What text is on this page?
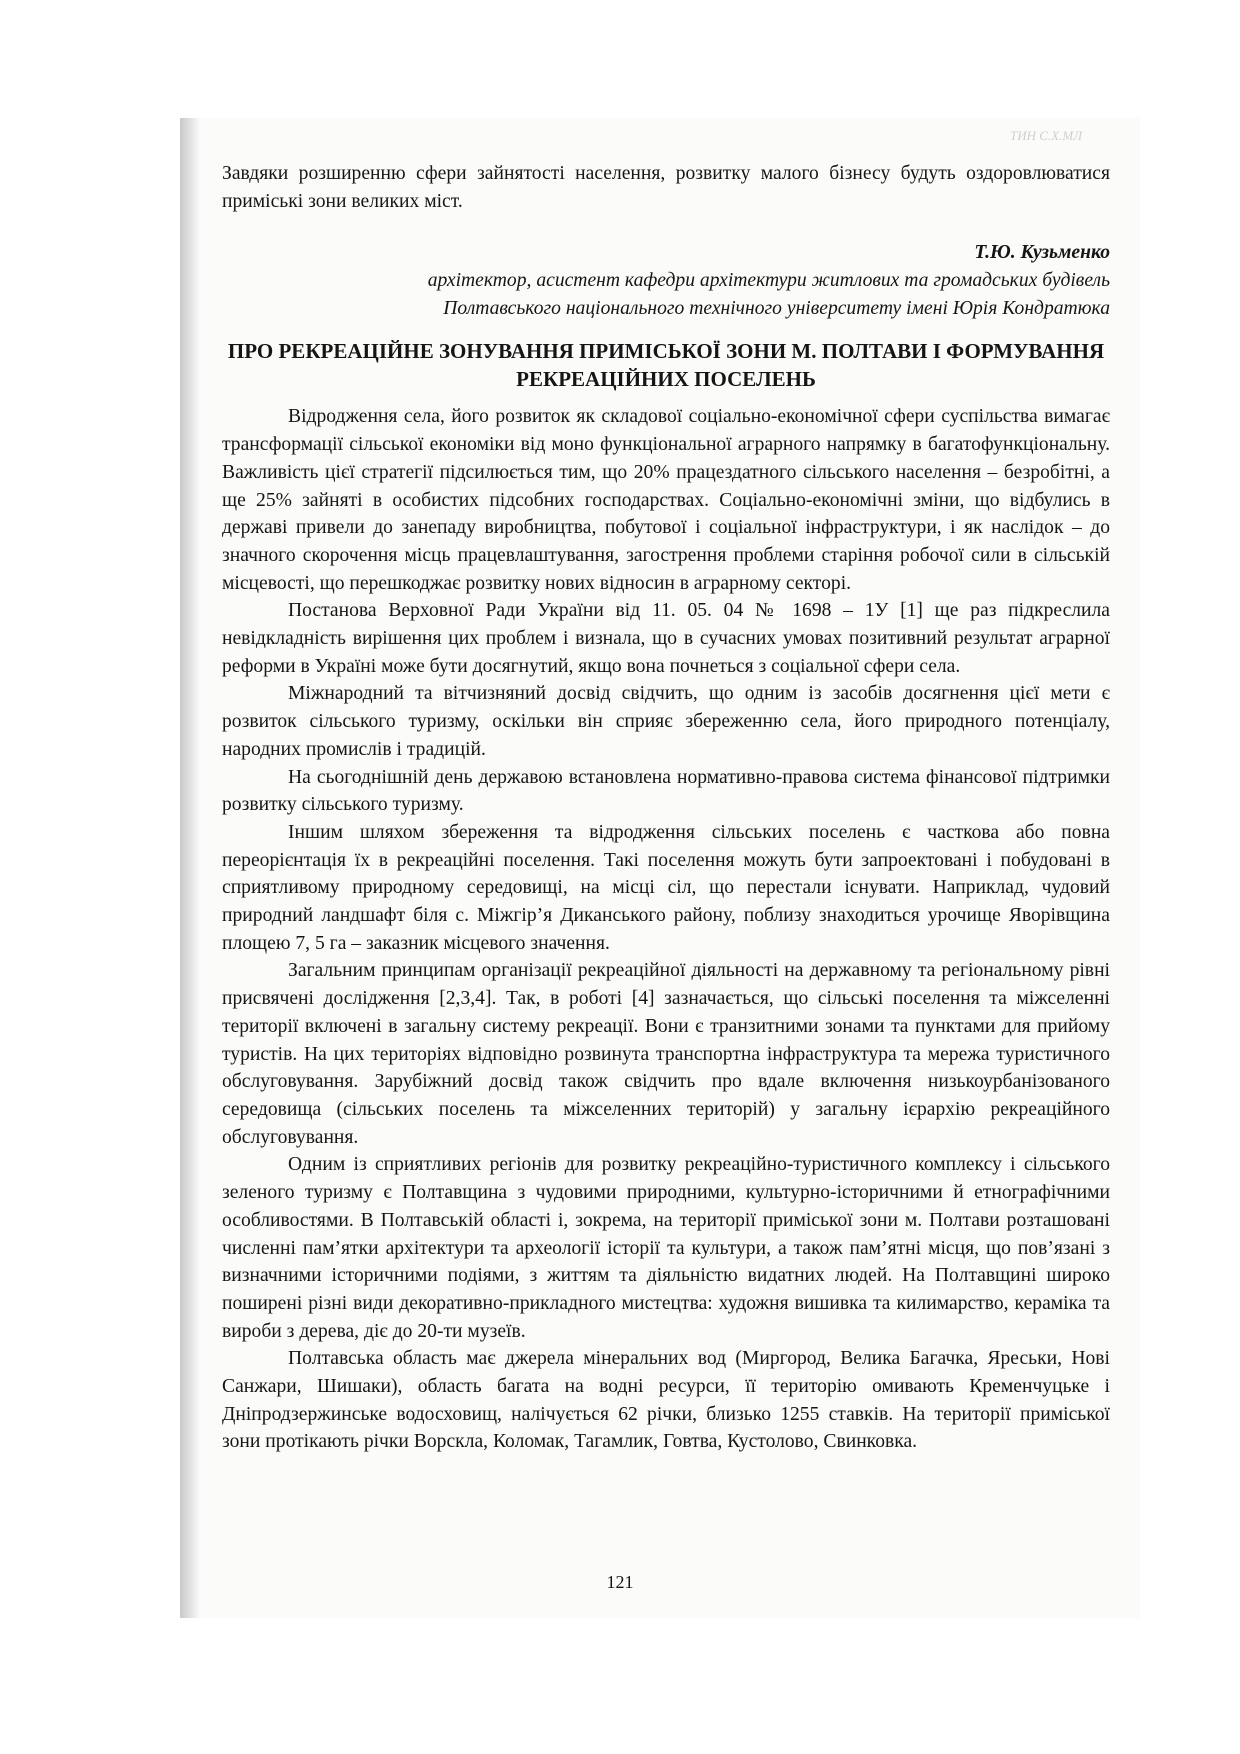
ТИН С.Х.МЛ

Завдяки розширенню сфери зайнятості населення, розвитку малого бізнесу будуть оздоровлюватися приміські зони великих міст.

Т.Ю. Кузьменко
архітектор, асистент кафедри архітектури житлових та громадських будівель
Полтавського національного технічного університету імені Юрія Кондратюка
ПРО РЕКРЕАЦІЙНЕ ЗОНУВАННЯ ПРИМІСЬКОЇ ЗОНИ М. ПОЛТАВИ І ФОРМУВАННЯ РЕКРЕАЦІЙНИХ ПОСЕЛЕНЬ

Відродження села, його розвиток як складової соціально-економічної сфери суспільства вимагає трансформації сільської економіки від моно функціональної аграрного напрямку в багатофункціональну. Важливість цієї стратегії підсилюється тим, що 20% працездатного сільського населення – безробітні, а ще 25% зайняті в особистих підсобних господарствах. Соціально-економічні зміни, що відбулись в державі привели до занепаду виробництва, побутової і соціальної інфраструктури, і як наслідок – до значного скорочення місць працевлаштування, загострення проблеми старіння робочої сили в сільській місцевості, що перешкоджає розвитку нових відносин в аграрному секторі.

Постанова Верховної Ради України від 11. 05. 04 № 1698 – 1У [1] ще раз підкреслила невідкладність вирішення цих проблем і визнала, що в сучасних умовах позитивний результат аграрної реформи в Україні може бути досягнутий, якщо вона почнеться з соціальної сфери села.

Міжнародний та вітчизняний досвід свідчить, що одним із засобів досягнення цієї мети є розвиток сільського туризму, оскільки він сприяє збереженню села, його природного потенціалу, народних промислів і традицій.

На сьогоднішній день державою встановлена нормативно-правова система фінансової підтримки розвитку сільського туризму.

Іншим шляхом збереження та відродження сільських поселень є часткова або повна переорієнтація їх в рекреаційні поселення. Такі поселення можуть бути запроектовані і побудовані в сприятливому природному середовищі, на місці сіл, що перестали існувати. Наприклад, чудовий природний ландшафт біля с. Міжгір’я Диканського району, поблизу знаходиться урочище Яворівщина площею 7, 5 га – заказник місцевого значення.

Загальним принципам організації рекреаційної діяльності на державному та регіональному рівні присвячені дослідження [2,3,4]. Так, в роботі [4] зазначається, що сільські поселення та міжселенні території включені в загальну систему рекреації. Вони є транзитними зонами та пунктами для прийому туристів. На цих територіях відповідно розвинута транспортна інфраструктура та мережа туристичного обслуговування. Зарубіжний досвід також свідчить про вдале включення низькоурбанізованого середовища (сільських поселень та міжселенних територій) у загальну ієрархію рекреаційного обслуговування.

Одним із сприятливих регіонів для розвитку рекреаційно-туристичного комплексу і сільського зеленого туризму є Полтавщина з чудовими природними, культурно-історичними й етнографічними особливостями. В Полтавській області і, зокрема, на території приміської зони м. Полтави розташовані численні пам’ятки архітектури та археології історії та культури, а також пам’ятні місця, що пов’язані з визначними історичними подіями, з життям та діяльністю видатних людей. На Полтавщині широко поширені різні види декоративно-прикладного мистецтва: художня вишивка та килимарство, кераміка та вироби з дерева, діє до 20-ти музеїв.

Полтавська область має джерела мінеральних вод (Миргород, Велика Багачка, Яреськи, Нові Санжари, Шишаки), область багата на водні ресурси, її територію омивають Кременчуцьке і Дніпродзержинське водосховищ, налічується 62 річки, близько 1255 ставків. На території приміської зони протікають річки Ворскла, Коломак, Тагамлик, Говтва, Кустолово, Свинковка.

121
